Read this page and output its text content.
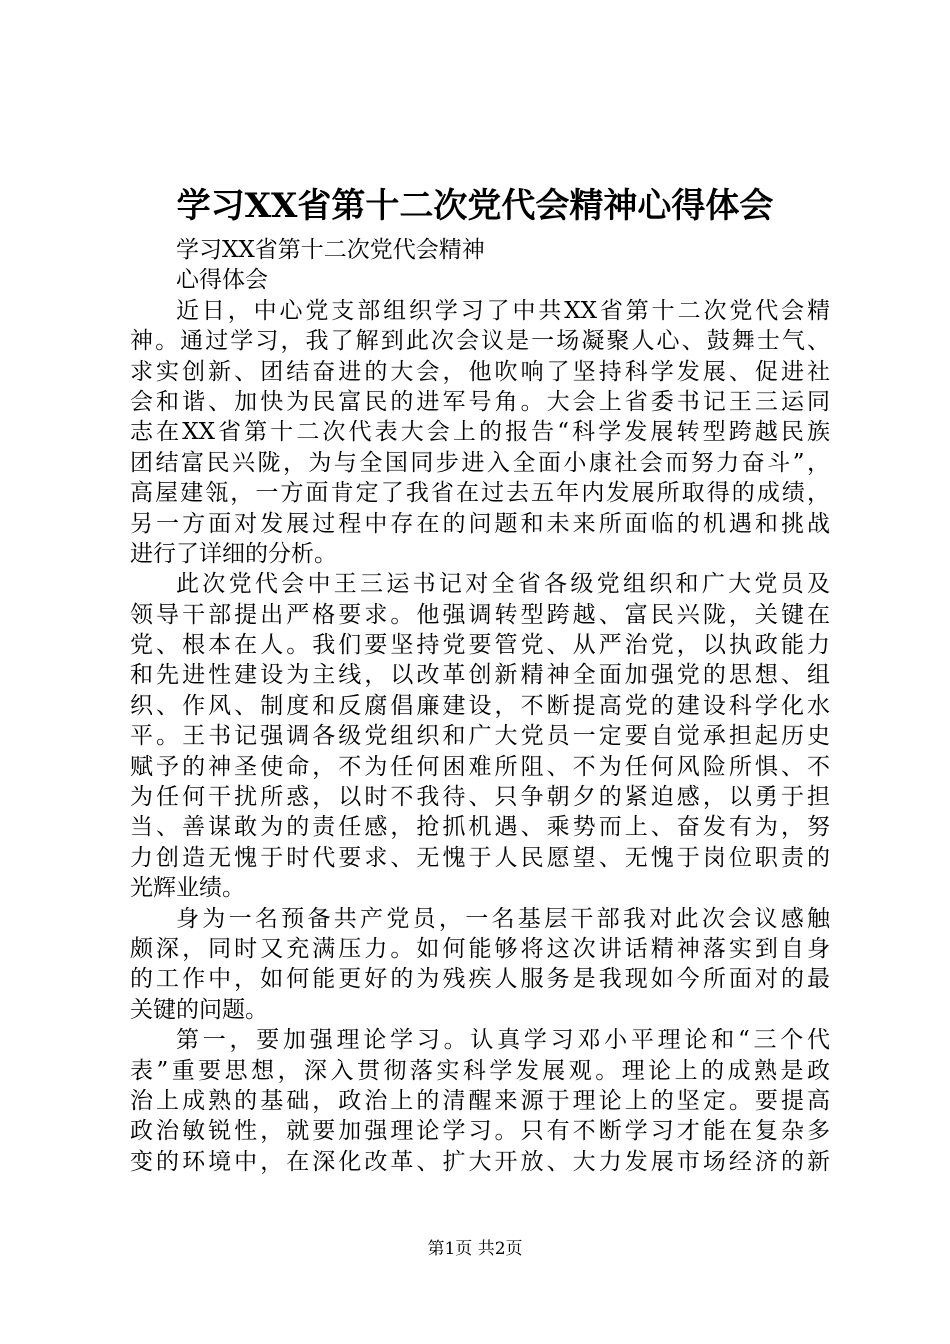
学习XX省第十二次党代会精神心得体会
学习XX省第十二次党代会精神
心得体会
近日，中心党支部组织学习了中共XX省第十二次党代会精
神。通过学习，我了解到此次会议是一场凝聚人心、鼓舞士气、
求实创新、团结奋进的大会，他吹响了坚持科学发展、促进社
会和谐、加快为民富民的进军号角。大会上省委书记王三运同
志在XX省第十二次代表大会上的报告“科学发展转型跨越民族
团结富民兴陇，为与全国同步进入全面小康社会而努力奋斗”，
高屋建瓴，一方面肯定了我省在过去五年内发展所取得的成绩，
另一方面对发展过程中存在的问题和未来所面临的机遇和挑战
进行了详细的分析。
此次党代会中王三运书记对全省各级党组织和广大党员及
领导干部提出严格要求。他强调转型跨越、富民兴陇，关键在
党、根本在人。我们要坚持党要管党、从严治党，以执政能力
和先进性建设为主线，以改革创新精神全面加强党的思想、组
织、作风、制度和反腐倡廉建设，不断提高党的建设科学化水
平。王书记强调各级党组织和广大党员一定要自觉承担起历史
赋予的神圣使命，不为任何困难所阻、不为任何风险所惧、不
为任何干扰所惑，以时不我待、只争朝夕的紧迫感，以勇于担
当、善谋敢为的责任感，抢抓机遇、乘势而上、奋发有为，努
力创造无愧于时代要求、无愧于人民愿望、无愧于岗位职责的
光辉业绩。
身为一名预备共产党员，一名基层干部我对此次会议感触
颇深，同时又充满压力。如何能够将这次讲话精神落实到自身
的工作中，如何能更好的为残疾人服务是我现如今所面对的最
关键的问题。
第一，要加强理论学习。认真学习邓小平理论和“三个代
表”重要思想，深入贯彻落实科学发展观。理论上的成熟是政
治上成熟的基础，政治上的清醒来源于理论上的坚定。要提高
政治敏锐性，就要加强理论学习。只有不断学习才能在复杂多
变的环境中，在深化改革、扩大开放、大力发展市场经济的新
第1页 共2页
